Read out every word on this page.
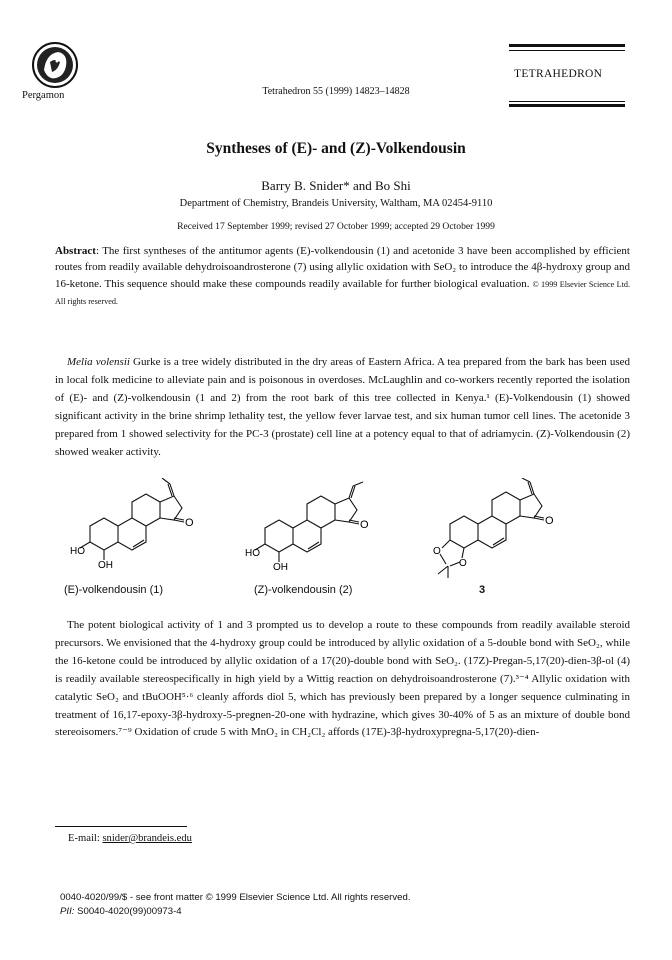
Pergamon	Tetrahedron 55 (1999) 14823–14828
TETRAHEDRON
Syntheses of (E)- and (Z)-Volkendousin
Barry B. Snider* and Bo Shi
Department of Chemistry, Brandeis University, Waltham, MA 02454-9110
Received 17 September 1999; revised 27 October 1999; accepted 29 October 1999
Abstract: The first syntheses of the antitumor agents (E)-volkendousin (1) and acetonide 3 have been accomplished by efficient routes from readily available dehydroisoandrosterone (7) using allylic oxidation with SeO₂ to introduce the 4β-hydroxy group and 16-ketone. This sequence should make these compounds readily available for further biological evaluation. © 1999 Elsevier Science Ltd. All rights reserved.
Melia volensii Gurke is a tree widely distributed in the dry areas of Eastern Africa. A tea prepared from the bark has been used in local folk medicine to alleviate pain and is poisonous in overdoses. McLaughlin and co-workers recently reported the isolation of (E)- and (Z)-volkendousin (1 and 2) from the root bark of this tree collected in Kenya.¹ (E)-Volkendousin (1) showed significant activity in the brine shrimp lethality test, the yellow fever larvae test, and six human tumor cell lines. The acetonide 3 prepared from 1 showed selectivity for the PC-3 (prostate) cell line at a potency equal to that of adriamycin. (Z)-Volkendousin (2) showed weaker activity.
O
HO
OH
(E)-volkendousin (1)
O
HO
OH
(Z)-volkendousin (2)
O
O
O
3
The potent biological activity of 1 and 3 prompted us to develop a route to these compounds from readily available steroid precursors. We envisioned that the 4-hydroxy group could be introduced by allylic oxidation of a 5-double bond with SeO₂, while the 16-ketone could be introduced by allylic oxidation of a 17(20)-double bond with SeO₂. (17Z)-Pregan-5,17(20)-dien-3β-ol (4) is readily available stereospecifically in high yield by a Wittig reaction on dehydroisoandrosterone (7).³⁻⁴ Allylic oxidation with catalytic SeO₂ and tBuOOH⁵·⁶ cleanly affords diol 5, which has previously been prepared by a longer sequence culminating in treatment of 16,17-epoxy-3β-hydroxy-5-pregnen-20-one with hydrazine, which gives 30-40% of 5 as an mixture of double bond stereoisomers.⁷⁻⁹ Oxidation of crude 5 with MnO₂ in CH₂Cl₂ affords (17E)-3β-hydroxypregna-5,17(20)-dien-
E-mail: snider@brandeis.edu
0040-4020/99/$ - see front matter © 1999 Elsevier Science Ltd. All rights reserved.
PII: S0040-4020(99)00973-4
